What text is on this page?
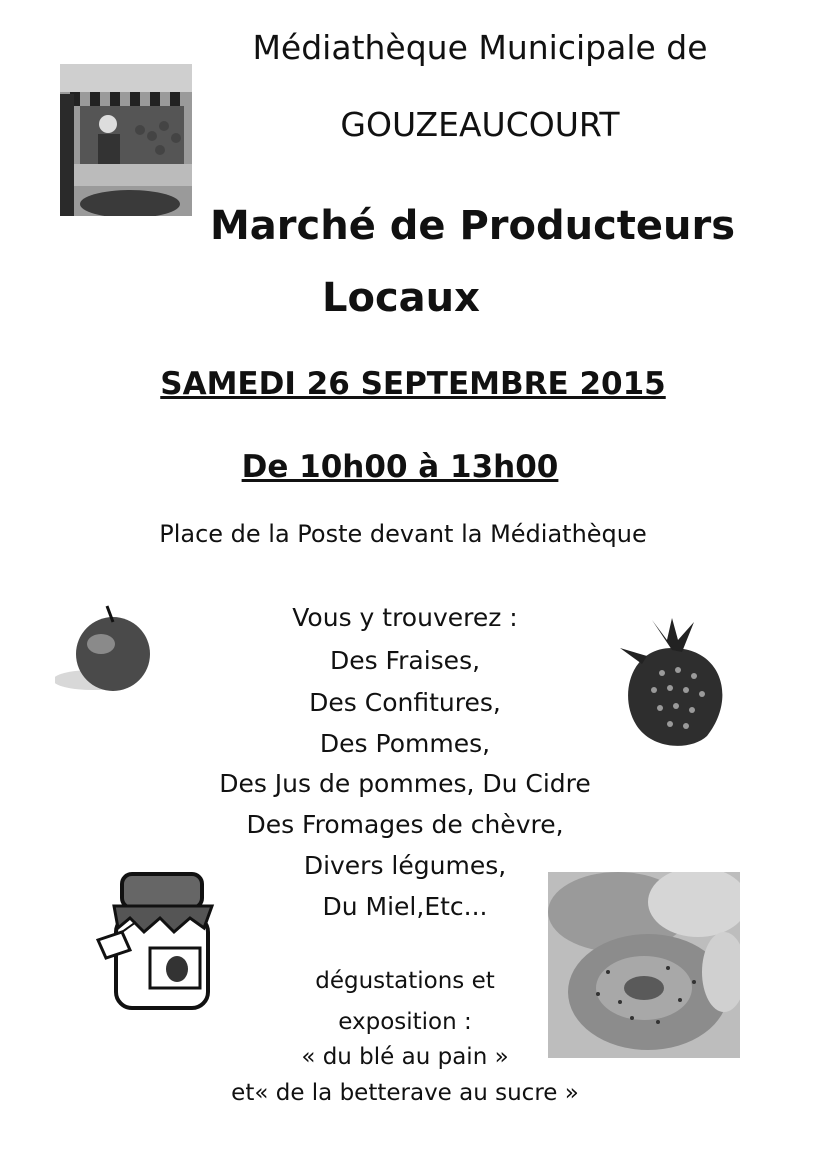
Médiathèque Municipale de
GOUZEAUCOURT
Marché de Producteurs
Locaux
SAMEDI 26 SEPTEMBRE 2015
De 10h00 à 13h00
Place de la Poste devant la Médiathèque
Vous y trouverez :
Des Fraises,
Des Confitures,
Des Pommes,
Des Jus de pommes, Du Cidre
Des Fromages de chèvre,
Divers légumes,
Du Miel,Etc...
dégustations et
exposition :
« du blé au pain »
et« de la betterave au sucre »
